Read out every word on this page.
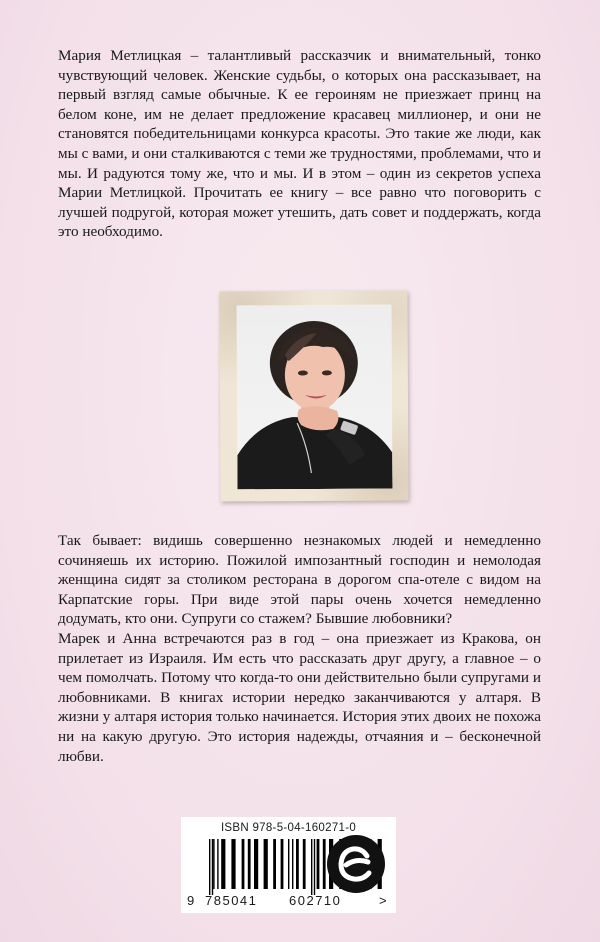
Мария Метлицкая – талантливый рассказчик и внимательный, тонко чувствующий человек. Женские судьбы, о которых она рассказывает, на первый взгляд самые обычные. К ее героиням не приезжает принц на белом коне, им не делает предложение красавец миллионер, и они не становятся победительницами конкурса красоты. Это такие же люди, как мы с вами, и они сталкиваются с теми же трудностями, проблемами, что и мы. И радуются тому же, что и мы. И в этом – один из секретов успеха Марии Метлицкой. Прочитать ее книгу – все равно что поговорить с лучшей подругой, которая может утешить, дать совет и поддержать, когда это необходимо.

Так бывает: видишь совершенно незнакомых людей и немедленно сочиняешь их историю. Пожилой импозантный господин и немолодая женщина сидят за столиком ресторана в дорогом спа-отеле с видом на Карпатские горы. При виде этой пары очень хочется немедленно додумать, кто они. Супруги со стажем? Бывшие любовники?

Марек и Анна встречаются раз в год – она приезжает из Кракова, он прилетает из Израиля. Им есть что рассказать друг другу, а главное – о чем помолчать. Потому что когда-то они действительно были супругами и любовниками. В книгах истории нередко заканчиваются у алтаря. В жизни у алтаря история только начинается. История этих двоих не похожа ни на какую другую. Это история надежды, отчаяния и – бесконечной любви.

ISBN 978-5-04-160271-0
9 785041 602710	>
